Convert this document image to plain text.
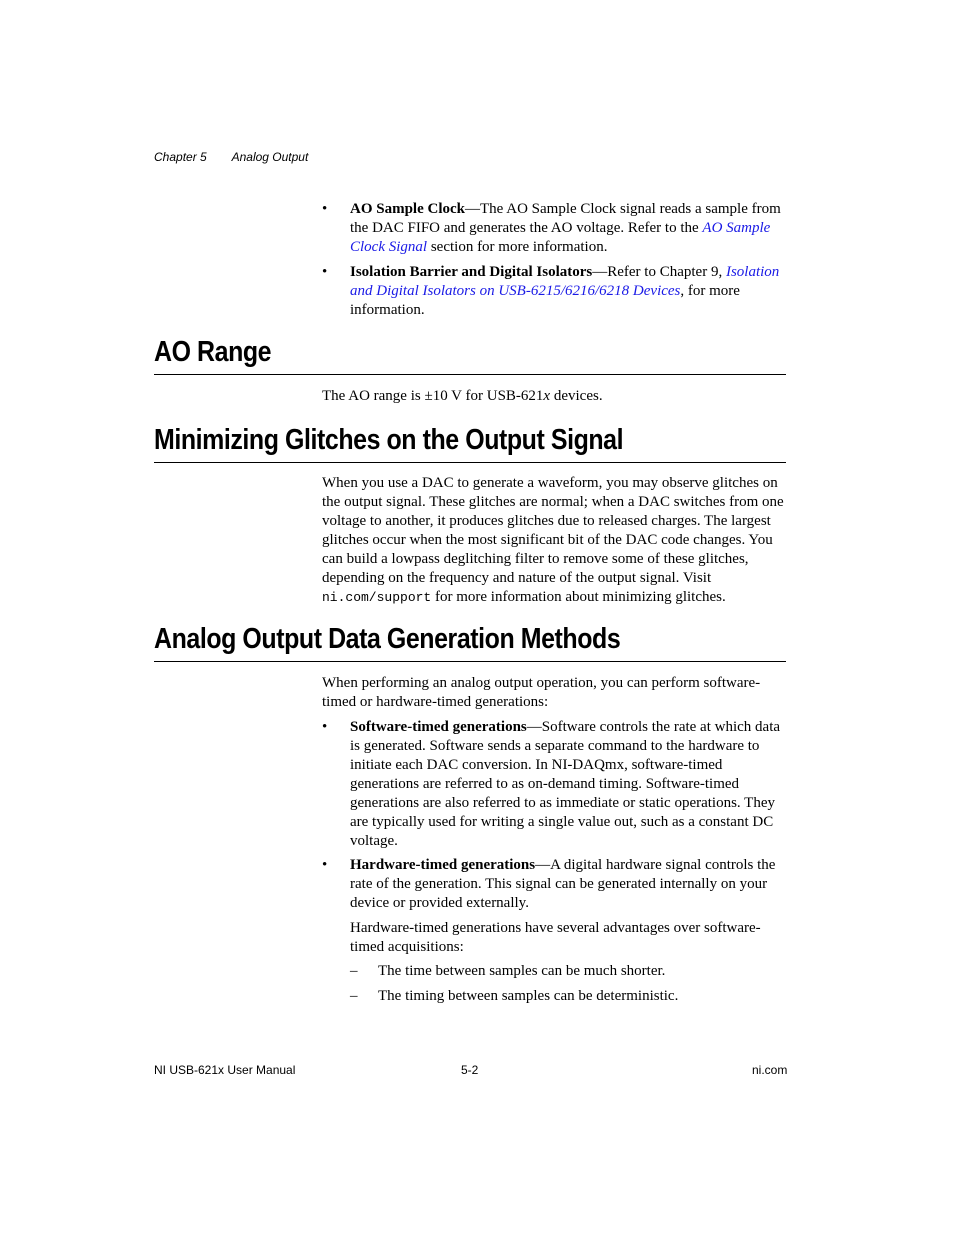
Chapter 5 Analog Output

• AO Sample Clock—The AO Sample Clock signal reads a sample from the DAC FIFO and generates the AO voltage. Refer to the AO Sample Clock Signal section for more information.

• Isolation Barrier and Digital Isolators—Refer to Chapter 9, Isolation and Digital Isolators on USB-6215/6216/6218 Devices, for more information.

AO Range
The AO range is ±10 V for USB-621x devices.
Minimizing Glitches on the Output Signal
When you use a DAC to generate a waveform, you may observe glitches on the output signal. These glitches are normal; when a DAC switches from one voltage to another, it produces glitches due to released charges. The largest glitches occur when the most significant bit of the DAC code changes. You can build a lowpass deglitching filter to remove some of these glitches, depending on the frequency and nature of the output signal. Visit ni.com/support for more information about minimizing glitches.
Analog Output Data Generation Methods

When performing an analog output operation, you can perform software-timed or hardware-timed generations:

• Software-timed generations—Software controls the rate at which data is generated. Software sends a separate command to the hardware to initiate each DAC conversion. In NI-DAQmx, software-timed generations are referred to as on-demand timing. Software-timed generations are also referred to as immediate or static operations. They are typically used for writing a single value out, such as a constant DC voltage.

• Hardware-timed generations—A digital hardware signal controls the rate of the generation. This signal can be generated internally on your device or provided externally.

Hardware-timed generations have several advantages over software-timed acquisitions:

– The time between samples can be much shorter.

– The timing between samples can be deterministic.

NI USB-621x User Manual	5-2	ni.com
